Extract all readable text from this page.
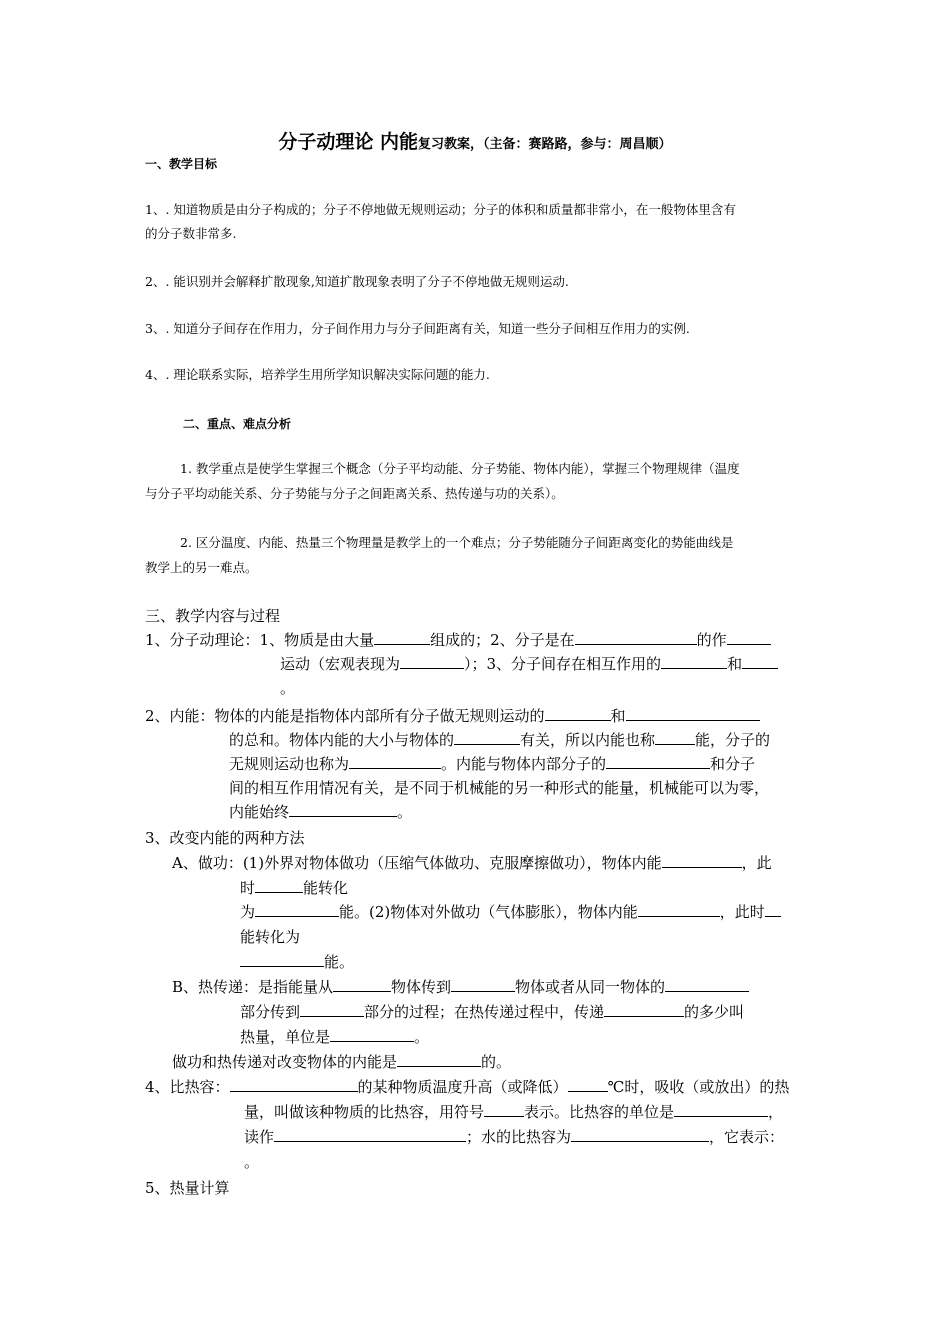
分子动理论 内能复习教案，（主备：赛路路，参与：周昌顺）
一、教学目标
1、. 知道物质是由分子构成的；分子不停地做无规则运动；分子的体积和质量都非常小，在一般物体里含有
的分子数非常多.
2、. 能识别并会解释扩散现象,知道扩散现象表明了分子不停地做无规则运动.
3、. 知道分子间存在作用力，分子间作用力与分子间距离有关，知道一些分子间相互作用力的实例.
4、. 理论联系实际，培养学生用所学知识解决实际问题的能力.
二、重点、难点分析
1. 教学重点是使学生掌握三个概念（分子平均动能、分子势能、物体内能），掌握三个物理规律（温度
与分子平均动能关系、分子势能与分子之间距离关系、热传递与功的关系）。
2. 区分温度、内能、热量三个物理量是教学上的一个难点；分子势能随分子间距离变化的势能曲线是
教学上的另一难点。
三、教学内容与过程
1、分子动理论：1、物质是由大量	组成的；2、分子是在	的作
运动（宏观表现为	）；3、分子间存在相互作用的	和
。
2、内能：物体的内能是指物体内部所有分子做无规则运动的	和
的总和。物体内能的大小与物体的	有关，所以内能也称	能，分子的
无规则运动也称为	。内能与物体内部分子的	和分子
间的相互作用情况有关，是不同于机械能的另一种形式的能量，机械能可以为零，
内能始终	。
3、改变内能的两种方法
A、做功：(1)外界对物体做功（压缩气体做功、克服摩擦做功），物体内能	，此
时	能转化
为	能。(2)物体对外做功（气体膨胀），物体内能	，此时
能转化为
能。
B、热传递：是指能量从	物体传到	物体或者从同一物体的
部分传到	部分的过程；在热传递过程中，传递	的多少叫
热量，单位是	。
做功和热传递对改变物体的内能是	的。
4、比热容：	的某种物质温度升高（或降低）	℃时，吸收（或放出）的热
量，叫做该种物质的比热容，用符号	表示。比热容的单位是	，
读作	；水的比热容为	，它表示：
。
5、热量计算
